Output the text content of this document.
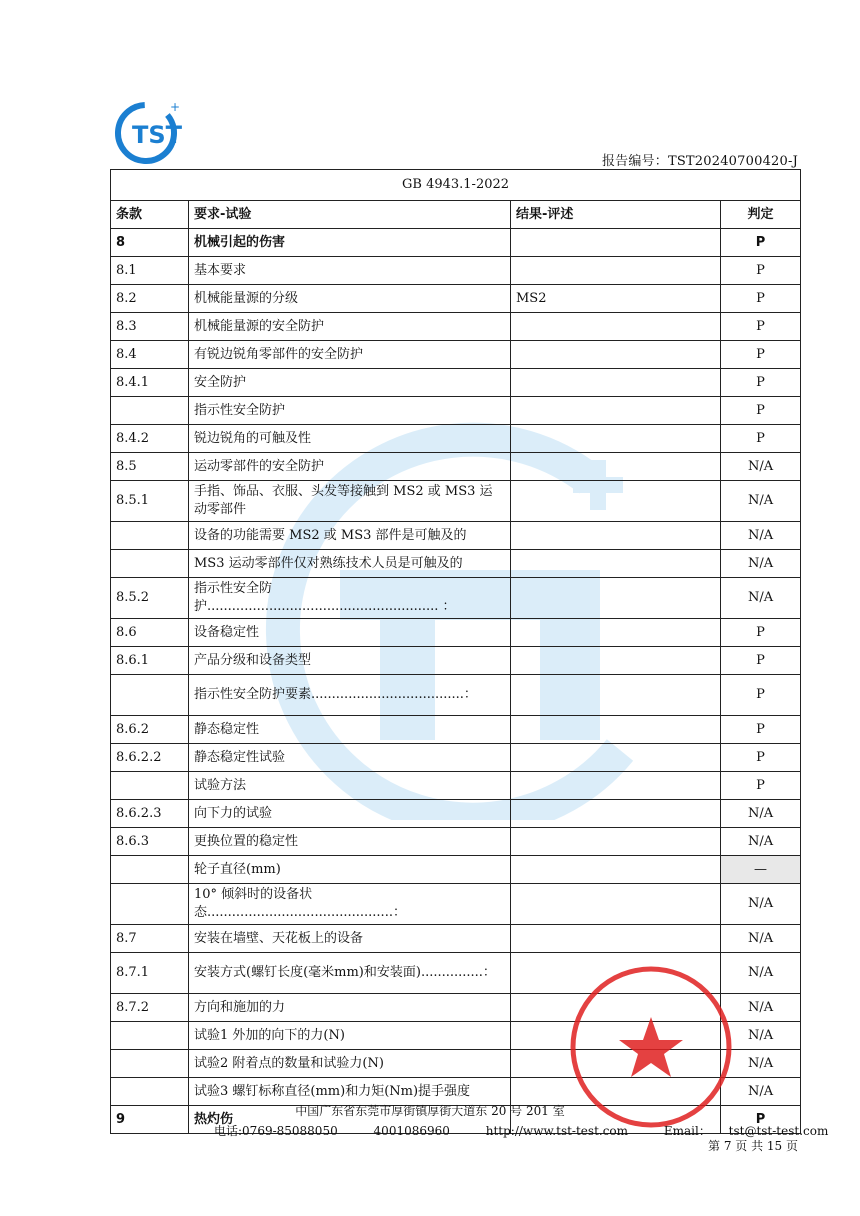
TST
+
报告编号：TST20240700420-J
GB 4943.1-2022			
条款	要求-试验	结果-评述	判定
8	机械引起的伤害		P
8.1	基本要求		P
8.2	机械能量源的分级	MS2	P
8.3	机械能量源的安全防护		P
8.4	有锐边锐角零部件的安全防护		P
8.4.1	安全防护		P
	指示性安全防护		P
8.4.2	锐边锐角的可触及性		P
8.5	运动零部件的安全防护		N/A
8.5.1	手指、饰品、衣服、头发等接触到 MS2 或 MS3 运动零部件		N/A
	设备的功能需要 MS2 或 MS3 部件是可触及的		N/A
	MS3 运动零部件仅对熟练技术人员是可触及的		N/A
8.5.2	指示性安全防护........................................................ ：		N/A
8.6	设备稳定性		P
8.6.1	产品分级和设备类型		P
	指示性安全防护要素.....................................：		P
8.6.2	静态稳定性		P
8.6.2.2	静态稳定性试验		P
	试验方法		P
8.6.2.3	向下力的试验		N/A
8.6.3	更换位置的稳定性		N/A
	轮子直径(mm)		—
	10° 倾斜时的设备状态.............................................：		N/A
8.7	安装在墙壁、天花板上的设备		N/A
8.7.1	安装方式(螺钉长度(毫米mm)和安装面)...............：		N/A
8.7.2	方向和施加的力		N/A
	试验1 外加的向下的力(N)		N/A
	试验2 附着点的数量和试验力(N)		N/A
	试验3 螺钉标称直径(mm)和力矩(Nm)提手强度		N/A
9	热灼伤		P
中国广东省东莞市厚街镇厚街大道东 20 号 201 室
电话:0769-85088050	4001086960	http://www.tst-test.com	Email： tst@tst-test.com
第 7 页 共 15 页
